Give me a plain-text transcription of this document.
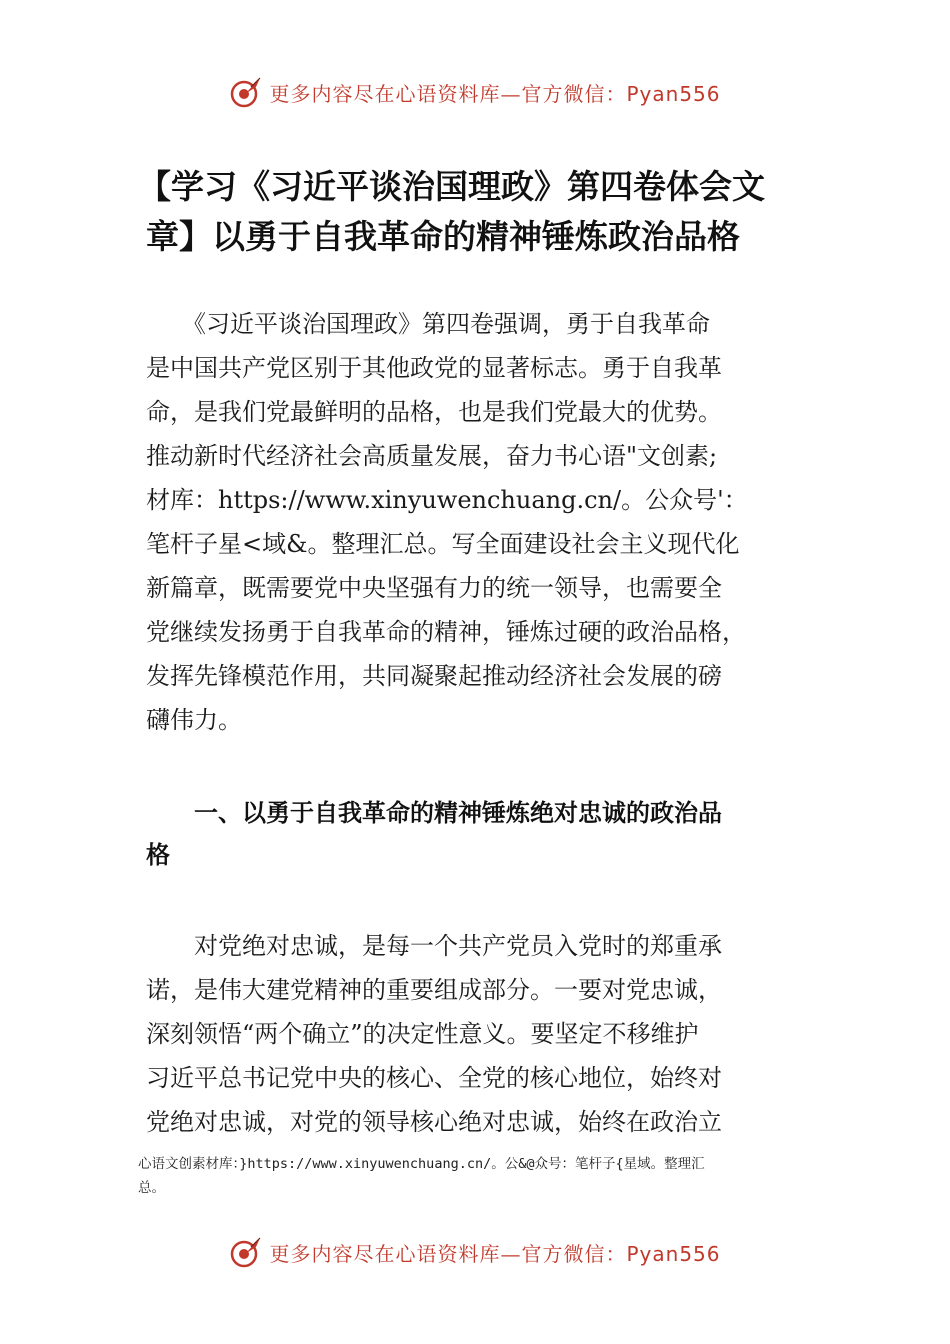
更多内容尽在心语资料库—官方微信：Pyan556
【学习《习近平谈治国理政》第四卷体会文
章】以勇于自我革命的精神锤炼政治品格
　　《习近平谈治国理政》第四卷强调，勇于自我革命
是中国共产党区别于其他政党的显著标志。勇于自我革
命，是我们党最鲜明的品格，也是我们党最大的优势。
推动新时代经济社会高质量发展，奋力书心语"文创素;
材库：https://www.xinyuwenchuang.cn/。公众号'：
笔杆子星<域&。整理汇总。写全面建设社会主义现代化
新篇章，既需要党中央坚强有力的统一领导，也需要全
党继续发扬勇于自我革命的精神，锤炼过硬的政治品格，
发挥先锋模范作用，共同凝聚起推动经济社会发展的磅
礴伟力。
　　一、以勇于自我革命的精神锤炼绝对忠诚的政治品
格
　　对党绝对忠诚，是每一个共产党员入党时的郑重承
诺，是伟大建党精神的重要组成部分。一要对党忠诚，
深刻领悟“两个确立”的决定性意义。要坚定不移维护
习近平总书记党中央的核心、全党的核心地位，始终对
党绝对忠诚，对党的领导核心绝对忠诚，始终在政治立
心语文创素材库：}https://www.xinyuwenchuang.cn/。公&@众号：笔杆子{星域。整理汇
总。
更多内容尽在心语资料库—官方微信：Pyan556
